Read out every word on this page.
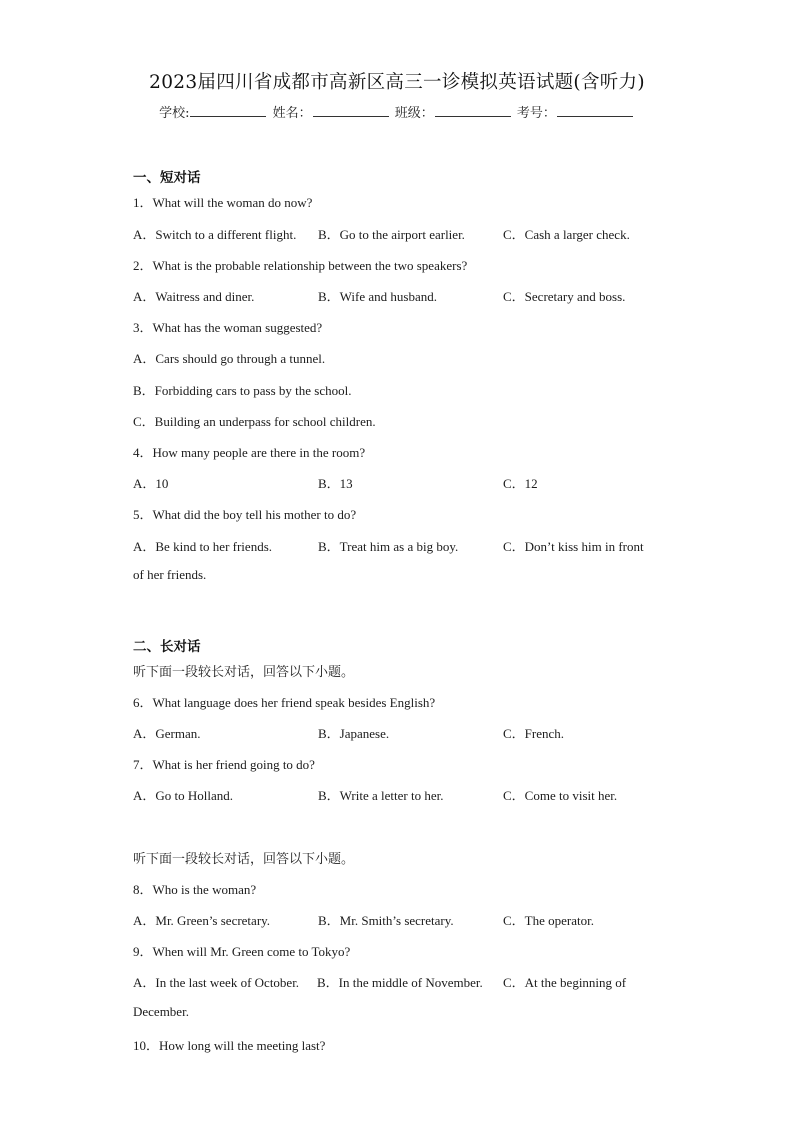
2023届四川省成都市高新区高三一诊模拟英语试题(含听力)
学校:	姓名：	班级：	考号：
一、短对话
1．What will the woman do now?
A．Switch to a different flight. B．Go to the airport earlier.	C．Cash a larger check.
2．What is the probable relationship between the two speakers?
A．Waitress and diner.	B．Wife and husband.	C．Secretary and boss.
3．What has the woman suggested?
A．Cars should go through a tunnel.
B．Forbidding cars to pass by the school.
C．Building an underpass for school children.
4．How many people are there in the room?
A．10	B．13	C．12
5．What did the boy tell his mother to do?
A．Be kind to her friends.	B．Treat him as a big boy.	C．Don’t kiss him in front
of her friends.
二、长对话
听下面一段较长对话，回答以下小题。
6．What language does her friend speak besides English?
A．German.	B．Japanese.	C．French.
7．What is her friend going to do?
A．Go to Holland.	B．Write a letter to her.	C．Come to visit her.
听下面一段较长对话，回答以下小题。
8．Who is the woman?
A．Mr. Green’s secretary.	B．Mr. Smith’s secretary.	C．The operator.
9．When will Mr. Green come to Tokyo?
A．In the last week of October. B．In the middle of November. C．At the beginning of
December.
10．How long will the meeting last?
